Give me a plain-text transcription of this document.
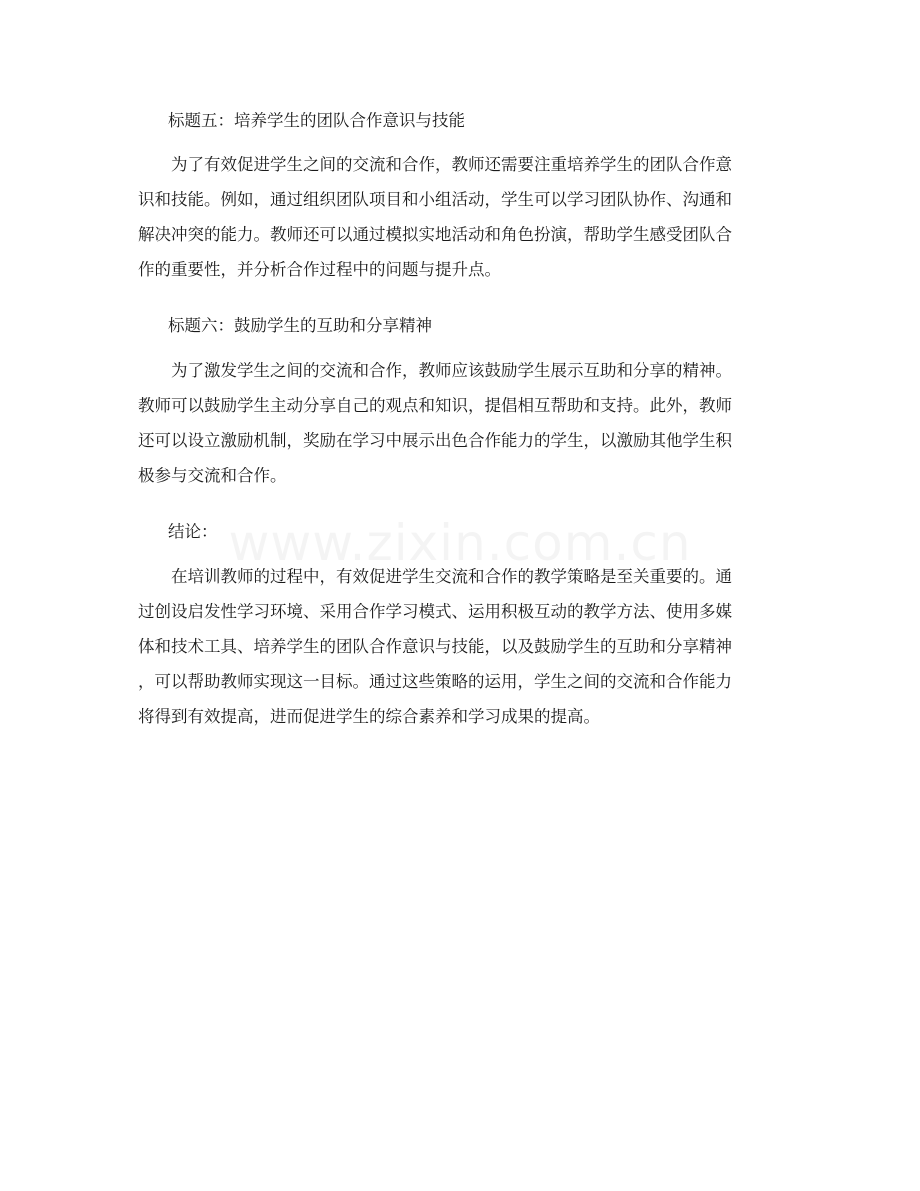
标题五：培养学生的团队合作意识与技能
　　为了有效促进学生之间的交流和合作，教师还需要注重培养学生的团队合作意
识和技能。例如，通过组织团队项目和小组活动，学生可以学习团队协作、沟通和
解决冲突的能力。教师还可以通过模拟实地活动和角色扮演，帮助学生感受团队合
作的重要性，并分析合作过程中的问题与提升点。
标题六：鼓励学生的互助和分享精神
　　为了激发学生之间的交流和合作，教师应该鼓励学生展示互助和分享的精神。
教师可以鼓励学生主动分享自己的观点和知识，提倡相互帮助和支持。此外，教师
还可以设立激励机制，奖励在学习中展示出色合作能力的学生，以激励其他学生积
极参与交流和合作。
结论：
　　在培训教师的过程中，有效促进学生交流和合作的教学策略是至关重要的。通
过创设启发性学习环境、采用合作学习模式、运用积极互动的教学方法、使用多媒
体和技术工具、培养学生的团队合作意识与技能，以及鼓励学生的互助和分享精神
，可以帮助教师实现这一目标。通过这些策略的运用，学生之间的交流和合作能力
将得到有效提高，进而促进学生的综合素养和学习成果的提高。
